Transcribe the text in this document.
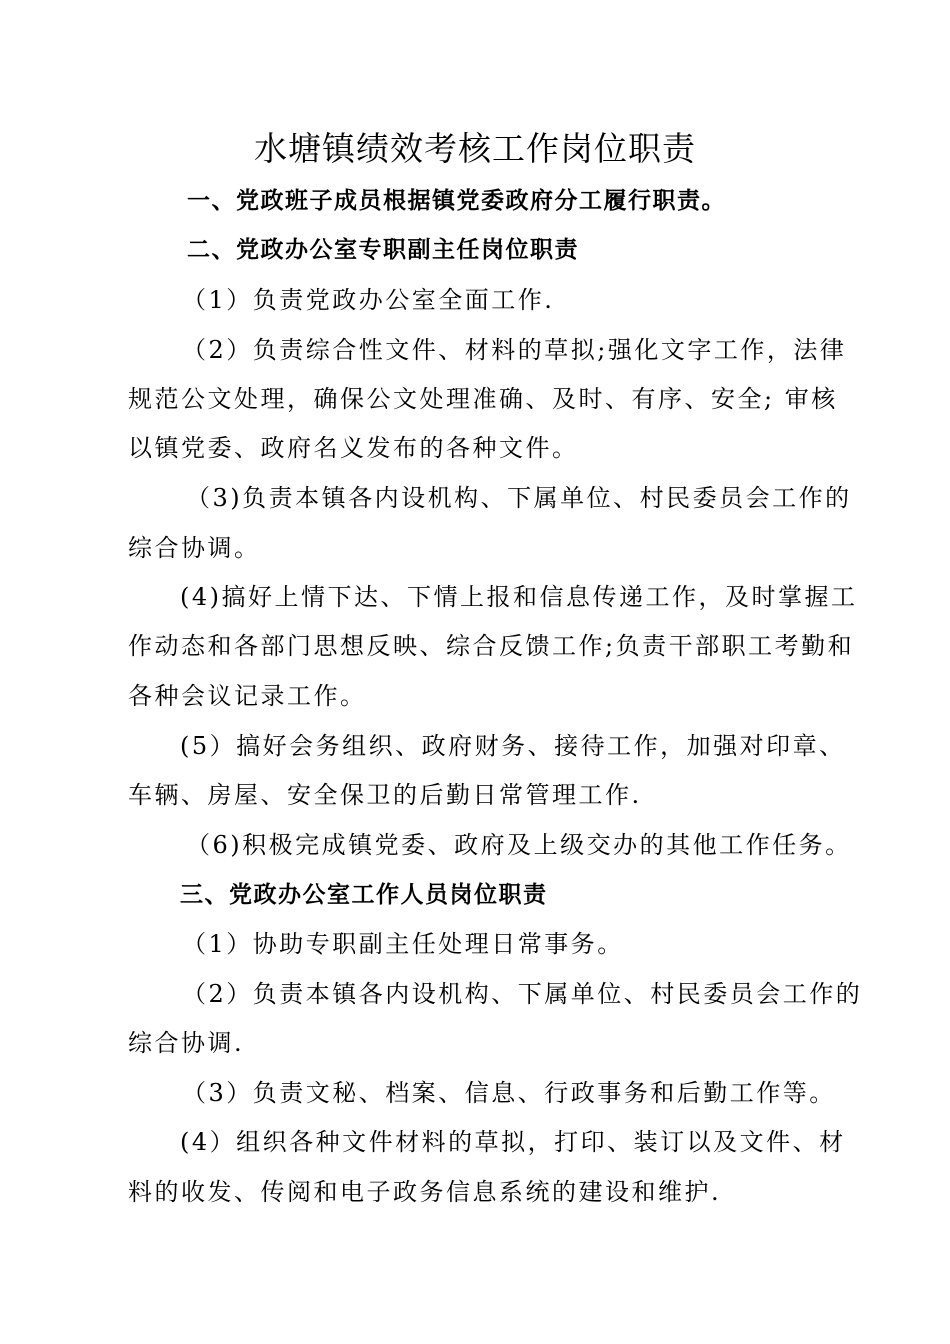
水塘镇绩效考核工作岗位职责
一、党政班子成员根据镇党委政府分工履行职责。
二、党政办公室专职副主任岗位职责
（1）负责党政办公室全面工作.
（2）负责综合性文件、材料的草拟;强化文字工作，法律
规范公文处理，确保公文处理准确、及时、有序、安全; 审核
以镇党委、政府名义发布的各种文件。
（3)负责本镇各内设机构、下属单位、村民委员会工作的
综合协调。
(4)搞好上情下达、下情上报和信息传递工作，及时掌握工
作动态和各部门思想反映、综合反馈工作;负责干部职工考勤和
各种会议记录工作。
(5）搞好会务组织、政府财务、接待工作，加强对印章、
车辆、房屋、安全保卫的后勤日常管理工作.
（6)积极完成镇党委、政府及上级交办的其他工作任务。
三、党政办公室工作人员岗位职责
（1）协助专职副主任处理日常事务。
（2）负责本镇各内设机构、下属单位、村民委员会工作的
综合协调.
（3）负责文秘、档案、信息、行政事务和后勤工作等。
(4）组织各种文件材料的草拟，打印、装订以及文件、材
料的收发、传阅和电子政务信息系统的建设和维护.
